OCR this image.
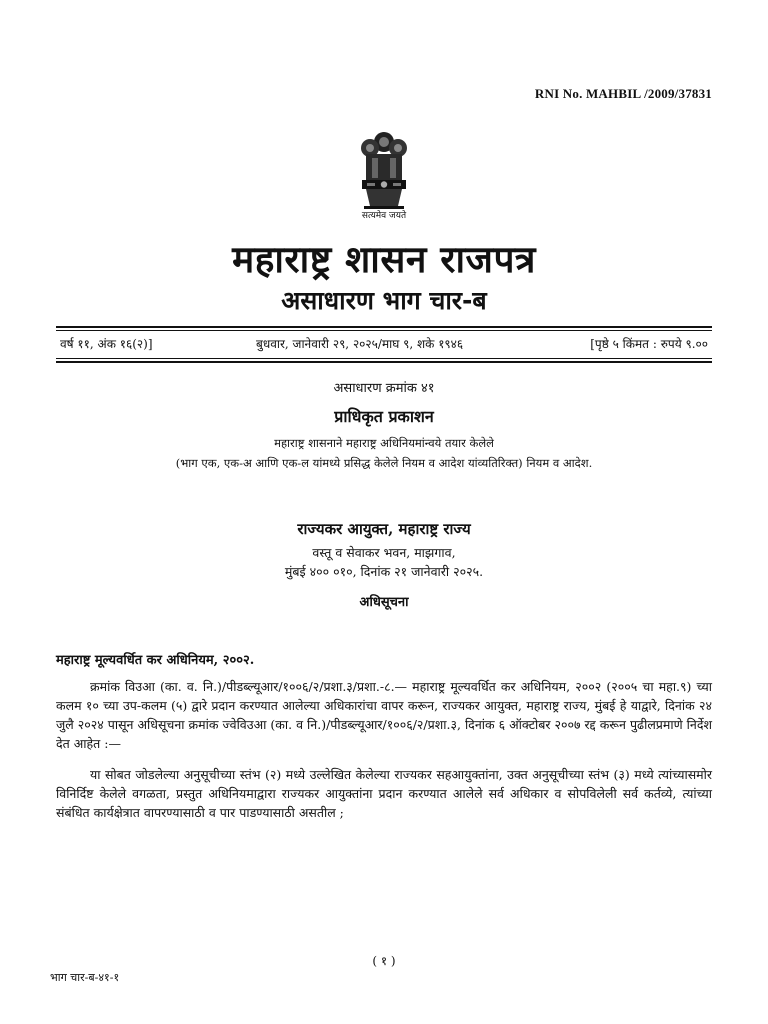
RNI No. MAHBIL /2009/37831
सत्यमेव जयते
महाराष्ट्र शासन राजपत्र
असाधारण भाग चार-ब
वर्ष ११, अंक १६(२)]	बुधवार, जानेवारी २९, २०२५/माघ ९, शके १९४६	[पृष्ठे ५ किंमत : रुपये ९.००
असाधारण क्रमांक ४१
प्राधिकृत प्रकाशन
महाराष्ट्र शासनाने महाराष्ट्र अधिनियमांन्वये तयार केलेले
(भाग एक, एक-अ आणि एक-ल यांमध्ये प्रसिद्ध केलेले नियम व आदेश यांव्यतिरिक्त) नियम व आदेश.
राज्यकर आयुक्त, महाराष्ट्र राज्य
वस्तू व सेवाकर भवन, माझगाव,
मुंबई ४०० ०१०, दिनांक २१ जानेवारी २०२५.
अधिसूचना
महाराष्ट्र मूल्यवर्धित कर अधिनियम, २००२.
क्रमांक विउआ (का. व. नि.)/पीडब्ल्यूआर/१००६/२/प्रशा.३/प्रशा.-८.— महाराष्ट्र मूल्यवर्धित कर अधिनियम, २००२ (२००५ चा महा.९) च्या कलम १० च्या उप-कलम (५) द्वारे प्रदान करण्यात आलेल्या अधिकारांचा वापर करून, राज्यकर आयुक्त, महाराष्ट्र राज्य, मुंबई हे याद्वारे, दिनांक २४ जुलै २०२४ पासून अधिसूचना क्रमांक ज्वेविउआ (का. व नि.)/पीडब्ल्यूआर/१००६/२/प्रशा.३, दिनांक ६ ऑक्टोबर २००७ रद्द करून पुढीलप्रमाणे निर्देश देत आहेत :—
या सोबत जोडलेल्या अनुसूचीच्या स्तंभ (२) मध्ये उल्लेखित केलेल्या राज्यकर सहआयुक्तांना, उक्त अनुसूचीच्या स्तंभ (३) मध्ये त्यांच्यासमोर विनिर्दिष्ट केलेले वगळता, प्रस्तुत अधिनियमाद्वारा राज्यकर आयुक्तांना प्रदान करण्यात आलेले सर्व अधिकार व सोपविलेली सर्व कर्तव्ये, त्यांच्या संबंधित कार्यक्षेत्रात वापरण्यासाठी व पार पाडण्यासाठी असतील ;
( १ )
भाग चार-ब-४१-१
